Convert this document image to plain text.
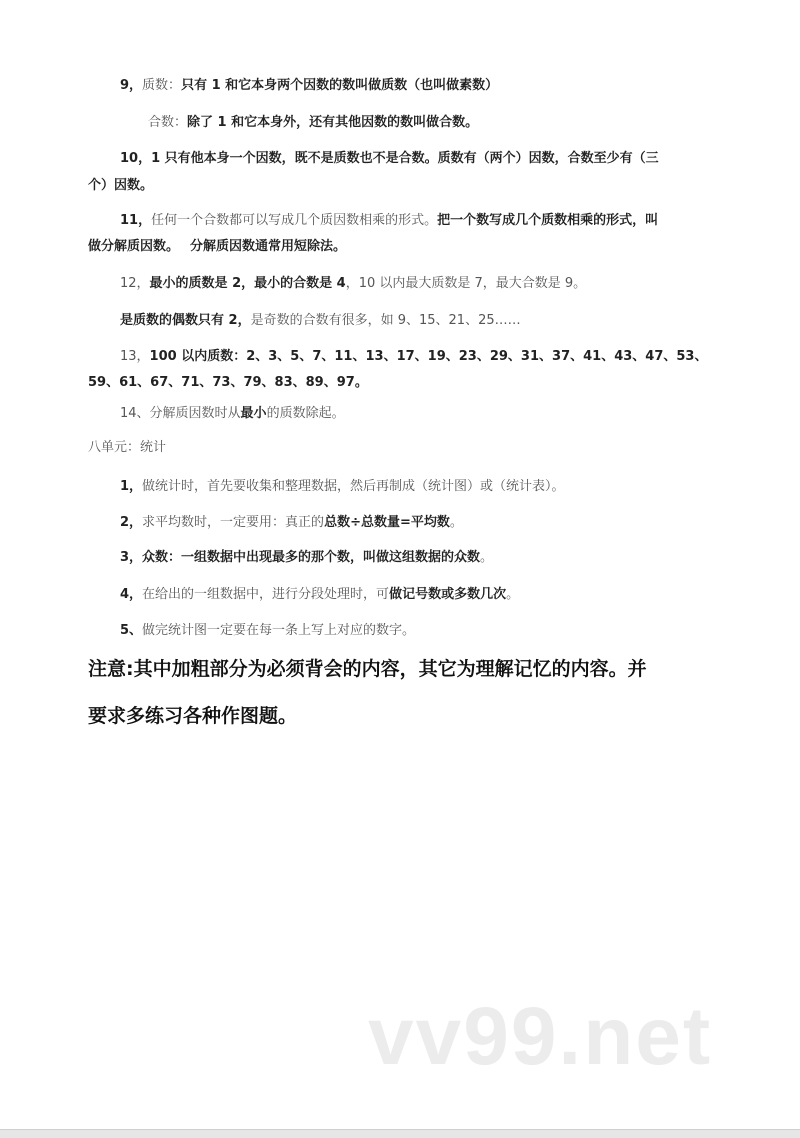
9，质数：只有 1 和它本身两个因数的数叫做质数（也叫做素数）
合数：除了 1 和它本身外，还有其他因数的数叫做合数。
10，1 只有他本身一个因数，既不是质数也不是合数。质数有（两个）因数，合数至少有（三
个）因数。
11，任何一个合数都可以写成几个质因数相乘的形式。把一个数写成几个质数相乘的形式，叫
做分解质因数。　 分解质因数通常用短除法。
12，最小的质数是 2，最小的合数是 4，10 以内最大质数是 7，最大合数是 9。
是质数的偶数只有 2，是奇数的合数有很多，如 9、15、21、25……
13，100 以内质数：2、3、5、7、11、13、17、19、23、29、31、37、41、43、47、53、
59、61、67、71、73、79、83、89、97。
14、分解质因数时从最小的质数除起。
八单元：统计
1，做统计时，首先要收集和整理数据，然后再制成（统计图）或（统计表）。
2，求平均数时，一定要用：真正的总数÷总数量=平均数。
3，众数：一组数据中出现最多的那个数，叫做这组数据的众数。
4，在给出的一组数据中，进行分段处理时，可做记号数或多数几次。
5、做完统计图一定要在每一条上写上对应的数字。
注意:其中加粗部分为必须背会的内容，其它为理解记忆的内容。并
要求多练习各种作图题。
vv99.net
